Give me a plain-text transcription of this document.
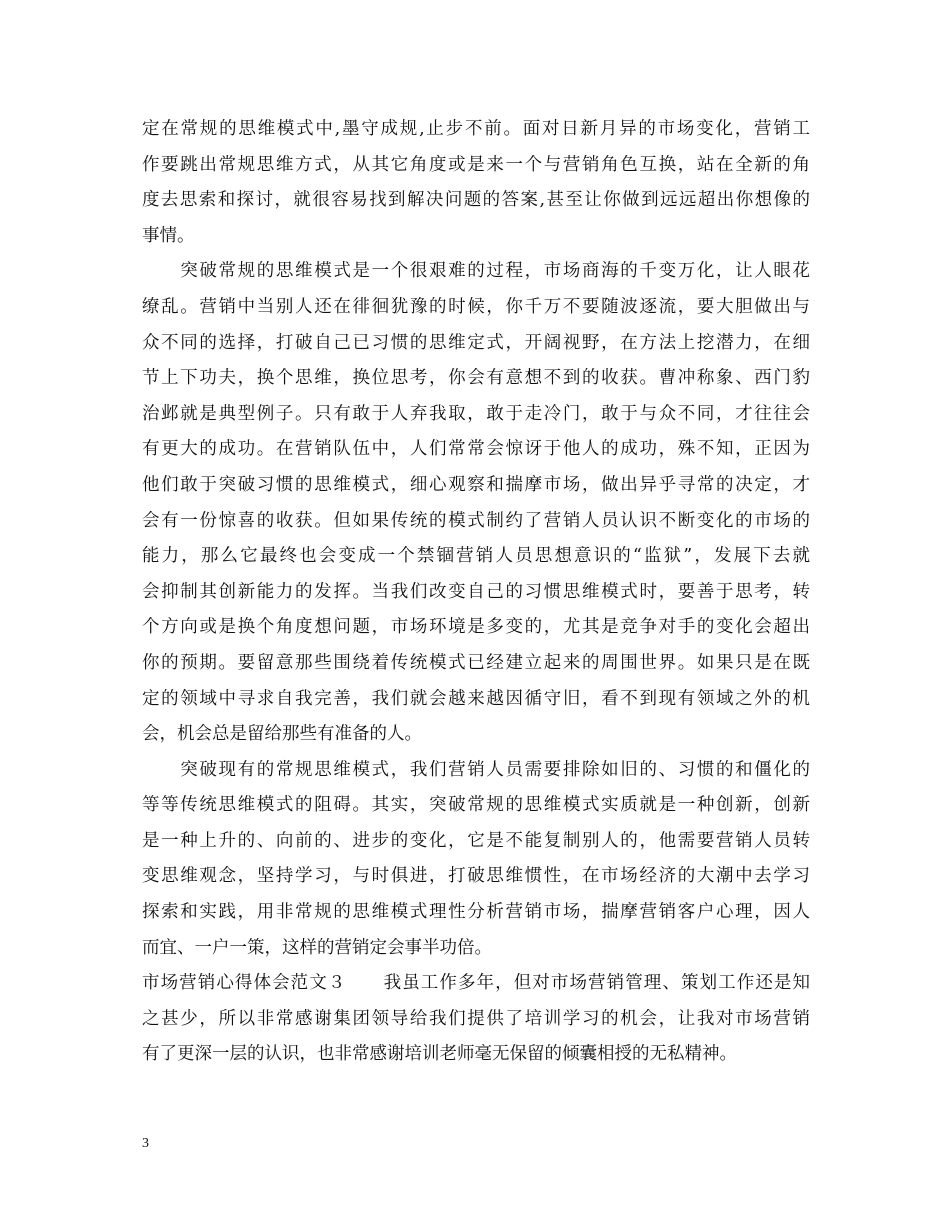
定在常规的思维模式中,墨守成规,止步不前。面对日新月异的市场变化，营销工
作要跳出常规思维方式，从其它角度或是来一个与营销角色互换，站在全新的角
度去思索和探讨，就很容易找到解决问题的答案,甚至让你做到远远超出你想像的
事情。
　　突破常规的思维模式是一个很艰难的过程，市场商海的千变万化，让人眼花
缭乱。营销中当别人还在徘徊犹豫的时候，你千万不要随波逐流，要大胆做出与
众不同的选择，打破自己已习惯的思维定式，开阔视野，在方法上挖潜力，在细
节上下功夫，换个思维，换位思考，你会有意想不到的收获。曹冲称象、西门豹
治邺就是典型例子。只有敢于人弃我取，敢于走冷门，敢于与众不同，才往往会
有更大的成功。在营销队伍中，人们常常会惊讶于他人的成功，殊不知，正因为
他们敢于突破习惯的思维模式，细心观察和揣摩市场，做出异乎寻常的决定，才
会有一份惊喜的收获。但如果传统的模式制约了营销人员认识不断变化的市场的
能力，那么它最终也会变成一个禁锢营销人员思想意识的“监狱”，发展下去就
会抑制其创新能力的发挥。当我们改变自己的习惯思维模式时，要善于思考，转
个方向或是换个角度想问题，市场环境是多变的，尤其是竞争对手的变化会超出
你的预期。要留意那些围绕着传统模式已经建立起来的周围世界。如果只是在既
定的领域中寻求自我完善，我们就会越来越因循守旧，看不到现有领域之外的机
会，机会总是留给那些有准备的人。
　　突破现有的常规思维模式，我们营销人员需要排除如旧的、习惯的和僵化的
等等传统思维模式的阻碍。其实，突破常规的思维模式实质就是一种创新，创新
是一种上升的、向前的、进步的变化，它是不能复制别人的，他需要营销人员转
变思维观念，坚持学习，与时俱进，打破思维惯性，在市场经济的大潮中去学习
探索和实践，用非常规的思维模式理性分析营销市场，揣摩营销客户心理，因人
而宜、一户一策，这样的营销定会事半功倍。
市场营销心得体会范文３　　我虽工作多年，但对市场营销管理、策划工作还是知
之甚少，所以非常感谢集团领导给我们提供了培训学习的机会，让我对市场营销
有了更深一层的认识，也非常感谢培训老师毫无保留的倾囊相授的无私精神。
3
